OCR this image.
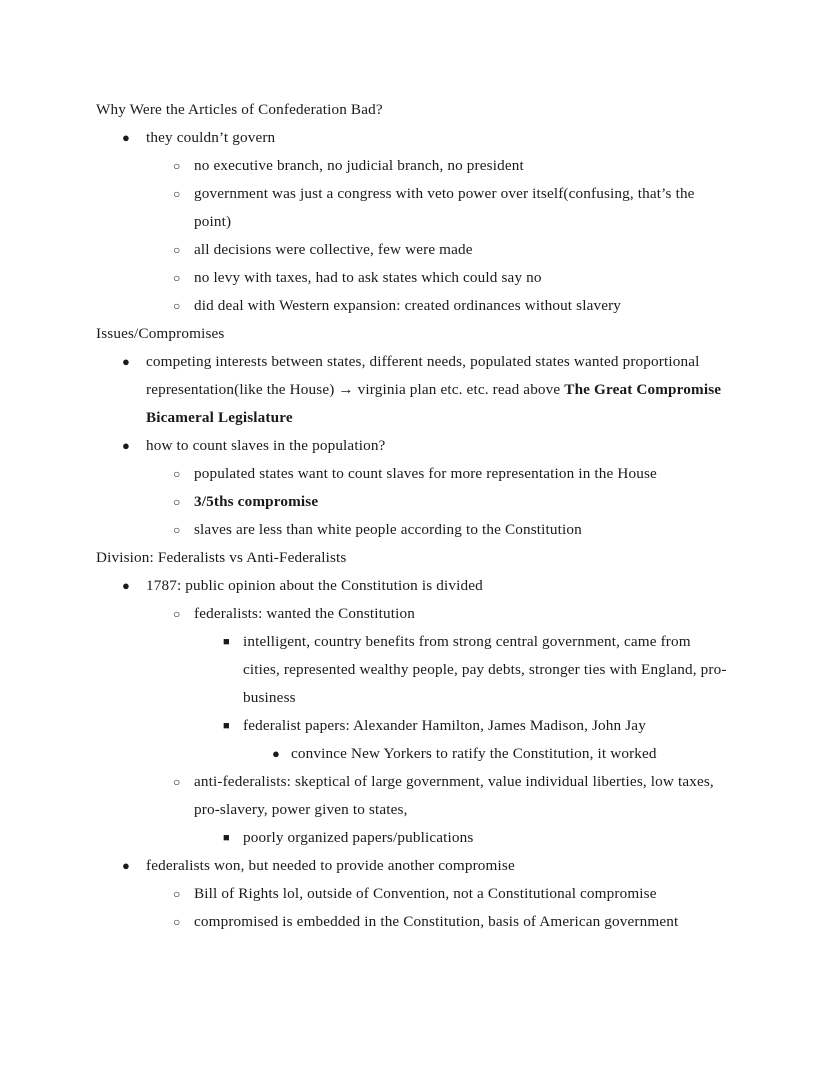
Why Were the Articles of Confederation Bad?

● they couldn’t govern
○ no executive branch, no judicial branch, no president
○ government was just a congress with veto power over itself(confusing, that’s the point)
○ all decisions were collective, few were made
○ no levy with taxes, had to ask states which could say no
○ did deal with Western expansion: created ordinances without slavery

Issues/Compromises

● competing interests between states, different needs, populated states wanted proportional representation(like the House) → virginia plan etc. etc. read above The Great Compromise Bicameral Legislature
● how to count slaves in the population?
○ populated states want to count slaves for more representation in the House
○ 3/5ths compromise
○ slaves are less than white people according to the Constitution

Division: Federalists vs Anti-Federalists

● 1787: public opinion about the Constitution is divided
○ federalists: wanted the Constitution
■ intelligent, country benefits from strong central government, came from cities, represented wealthy people, pay debts, stronger ties with England, pro-business
■ federalist papers: Alexander Hamilton, James Madison, John Jay
● convince New Yorkers to ratify the Constitution, it worked
○ anti-federalists: skeptical of large government, value individual liberties, low taxes, pro-slavery, power given to states,
■ poorly organized papers/publications
● federalists won, but needed to provide another compromise
○ Bill of Rights lol, outside of Convention, not a Constitutional compromise
○ compromised is embedded in the Constitution, basis of American government
